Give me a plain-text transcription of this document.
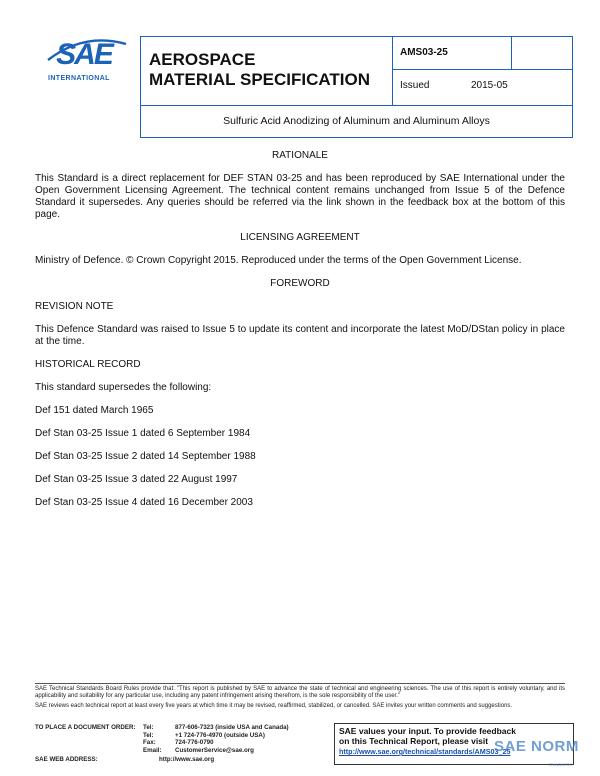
SAE
INTERNATIONAL
AEROSPACE
MATERIAL SPECIFICATION
AMS03-25
Issued	2015-05
Sulfuric Acid Anodizing of Aluminum and Aluminum Alloys
RATIONALE
This Standard is a direct replacement for DEF STAN 03-25 and has been reproduced by SAE International under the Open Government Licensing Agreement. The technical content remains unchanged from Issue 5 of the Defence Standard it supersedes. Any queries should be referred via the link shown in the feedback box at the bottom of this page.
LICENSING AGREEMENT
Ministry of Defence. © Crown Copyright 2015. Reproduced under the terms of the Open Government License.
FOREWORD
REVISION NOTE
This Defence Standard was raised to Issue 5 to update its content and incorporate the latest MoD/DStan policy in place at the time.
HISTORICAL RECORD
This standard supersedes the following:
Def 151 dated March 1965
Def Stan 03-25 Issue 1 dated 6 September 1984
Def Stan 03-25 Issue 2 dated 14 September 1988
Def Stan 03-25 Issue 3 dated 22 August 1997
Def Stan 03-25 Issue 4 dated 16 December 2003
SAE Technical Standards Board Rules provide that: "This report is published by SAE to advance the state of technical and engineering sciences. The use of this report is entirely voluntary, and its applicability and suitability for any particular use, including any patent infringement arising therefrom, is the sole responsibility of the user."
SAE reviews each technical report at least every five years at which time it may be revised, reaffirmed, stabilized, or cancelled. SAE invites your written comments and suggestions.
TO PLACE A DOCUMENT ORDER: Tel:	877-606-7323 (inside USA and Canada)
Tel:	+1 724-776-4970 (outside USA)
Fax:	724-776-0790
Email: CustomerService@sae.org
SAE WEB ADDRESS:	http://www.sae.org
SAE values your input. To provide feedback
on this Technical Report, please visit
http://www.sae.org/technical/standards/AMS03_25
SAE NORM
STANDARDS
